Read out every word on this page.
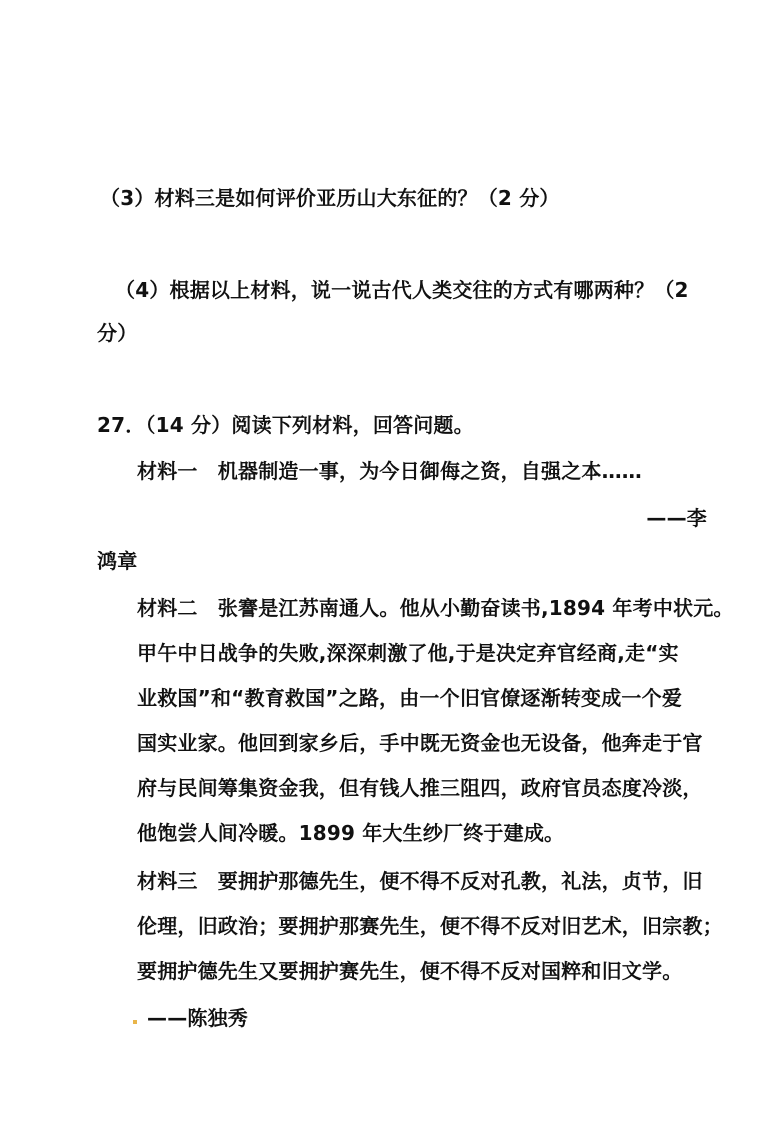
（3）材料三是如何评价亚历山大东征的？（2 分）
（4）根据以上材料，说一说古代人类交往的方式有哪两种？（2
分）
27．（14 分）阅读下列材料，回答问题。
材料一　机器制造一事，为今日御侮之资，自强之本……
——李
鸿章
材料二　张謇是江苏南通人。他从小勤奋读书,1894 年考中状元。
甲午中日战争的失败,深深刺激了他,于是决定弃官经商,走“实
业救国”和“教育救国”之路，由一个旧官僚逐渐转变成一个爱
国实业家。他回到家乡后，手中既无资金也无设备，他奔走于官
府与民间筹集资金我，但有钱人推三阻四，政府官员态度冷淡，
他饱尝人间冷暖。1899 年大生纱厂终于建成。
材料三　要拥护那德先生，便不得不反对孔教，礼法，贞节，旧
伦理，旧政治；要拥护那赛先生，便不得不反对旧艺术，旧宗教；
要拥护德先生又要拥护赛先生，便不得不反对国粹和旧文学。
——陈独秀
